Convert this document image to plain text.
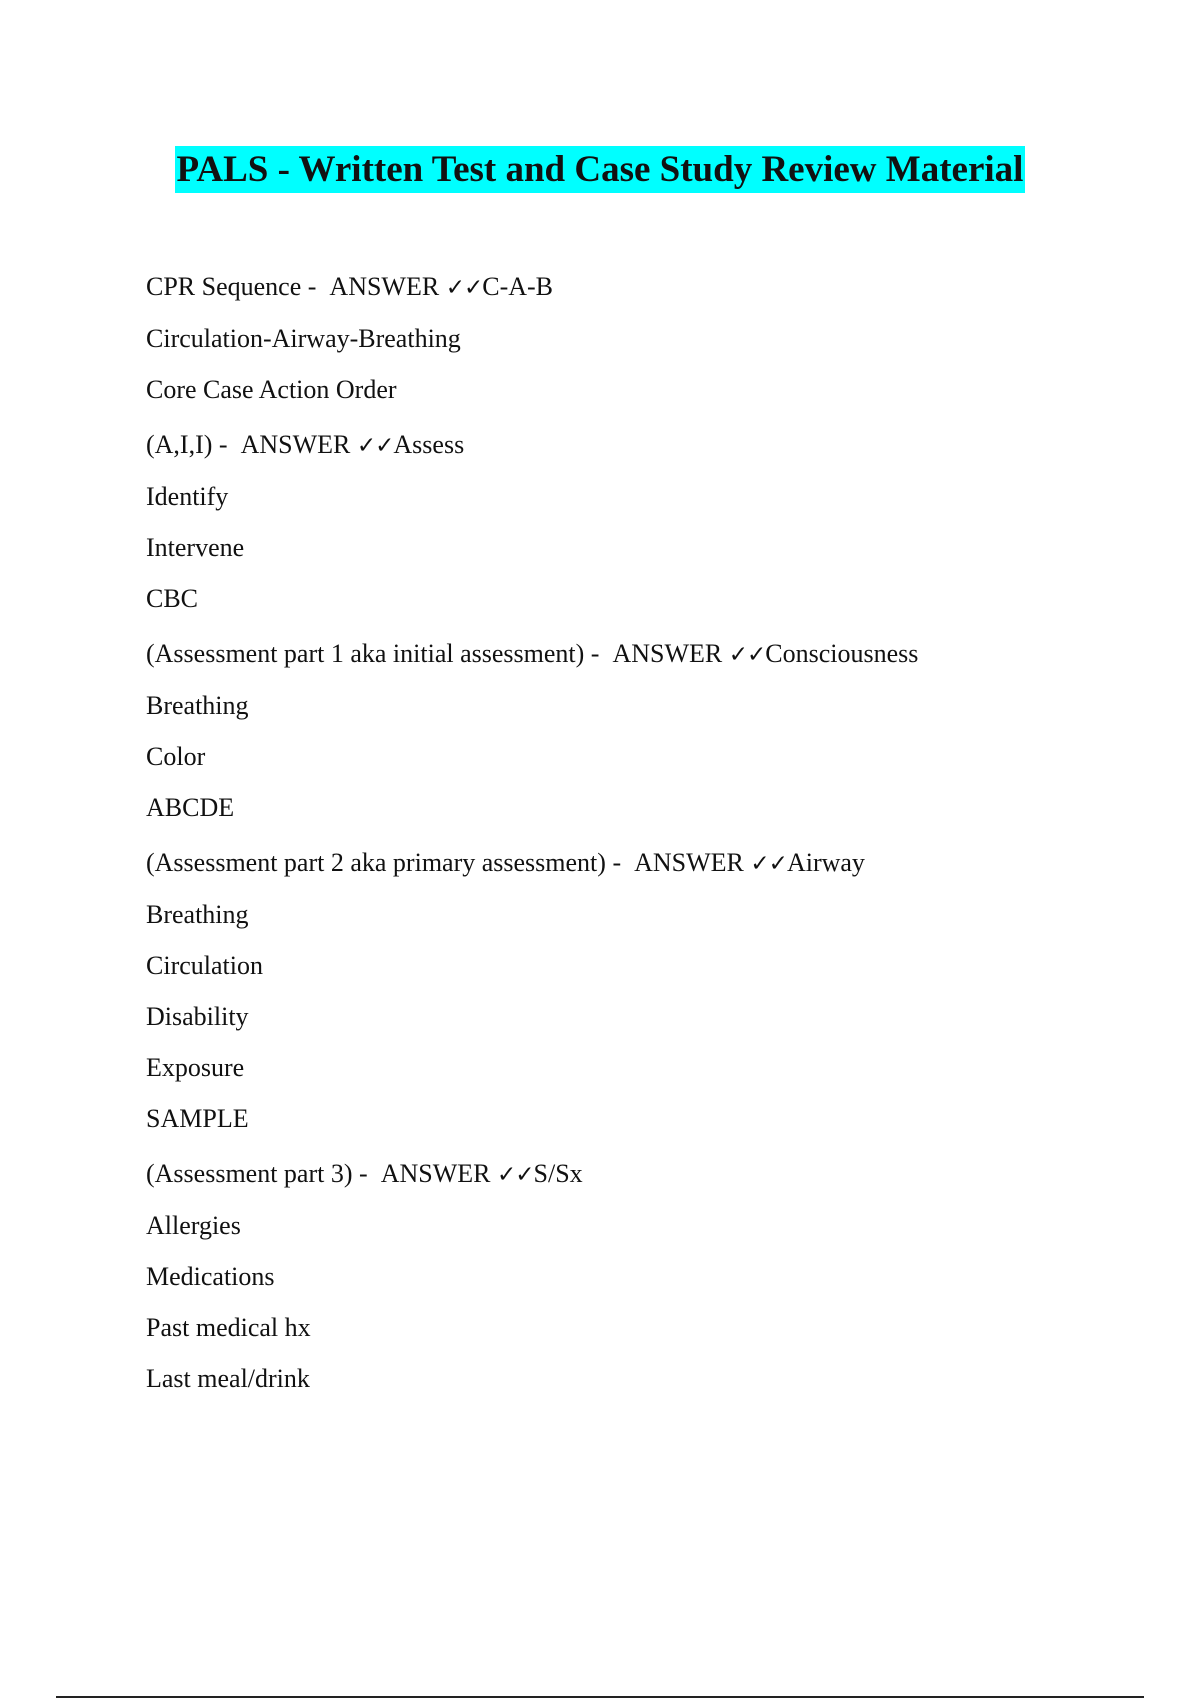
PALS - Written Test and Case Study Review Material
CPR Sequence -  ANSWER ✓✓C-A-B
Circulation-Airway-Breathing
Core Case Action Order
(A,I,I) -  ANSWER ✓✓Assess
Identify
Intervene
CBC
(Assessment part 1 aka initial assessment) -  ANSWER ✓✓Consciousness
Breathing
Color
ABCDE
(Assessment part 2 aka primary assessment) -  ANSWER ✓✓Airway
Breathing
Circulation
Disability
Exposure
SAMPLE
(Assessment part 3) -  ANSWER ✓✓S/Sx
Allergies
Medications
Past medical hx
Last meal/drink
